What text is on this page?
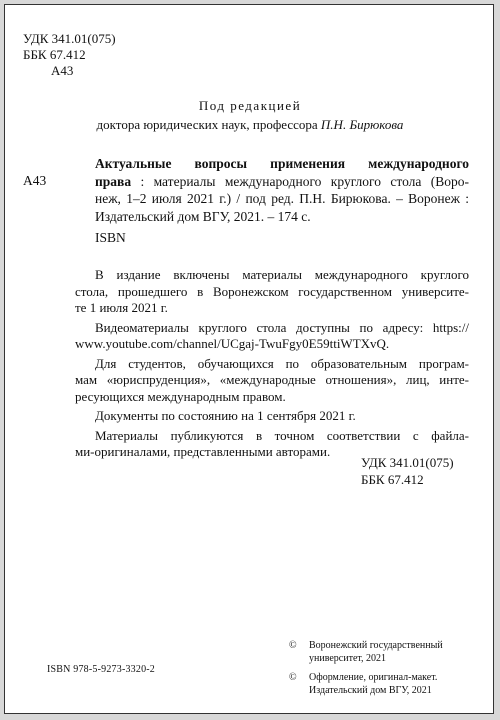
УДК 341.01(075)
ББК 67.412
А43
Под редакцией
доктора юридических наук, профессора П.Н. Бирюкова
А43
Актуальные вопросы применения международного
права : материалы международного круглого стола (Воро-
неж, 1–2 июля 2021 г.) / под ред. П.Н. Бирюкова. – Воронеж :
Издательский дом ВГУ, 2021. – 174 с.
ISBN
В издание включены материалы международного круглого
стола, прошедшего в Воронежском государственном университе-
те 1 июля 2021 г.
Видеоматериалы круглого стола доступны по адресу: https://
www.youtube.com/channel/UCgaj-TwuFgy0E59ttiWTXvQ.
Для студентов, обучающихся по образовательным програм-
мам «юриспруденция», «международные отношения», лиц, инте-
ресующихся международным правом.
Документы по состоянию на 1 сентября 2021 г.
Материалы публикуются в точном соответствии с файла-
ми-оригиналами, представленными авторами.
УДК 341.01(075)
ББК 67.412
ISBN 978-5-9273-3320-2
©	Воронежский государственный
университет, 2021
©	Оформление, оригинал-макет.
Издательский дом ВГУ, 2021
